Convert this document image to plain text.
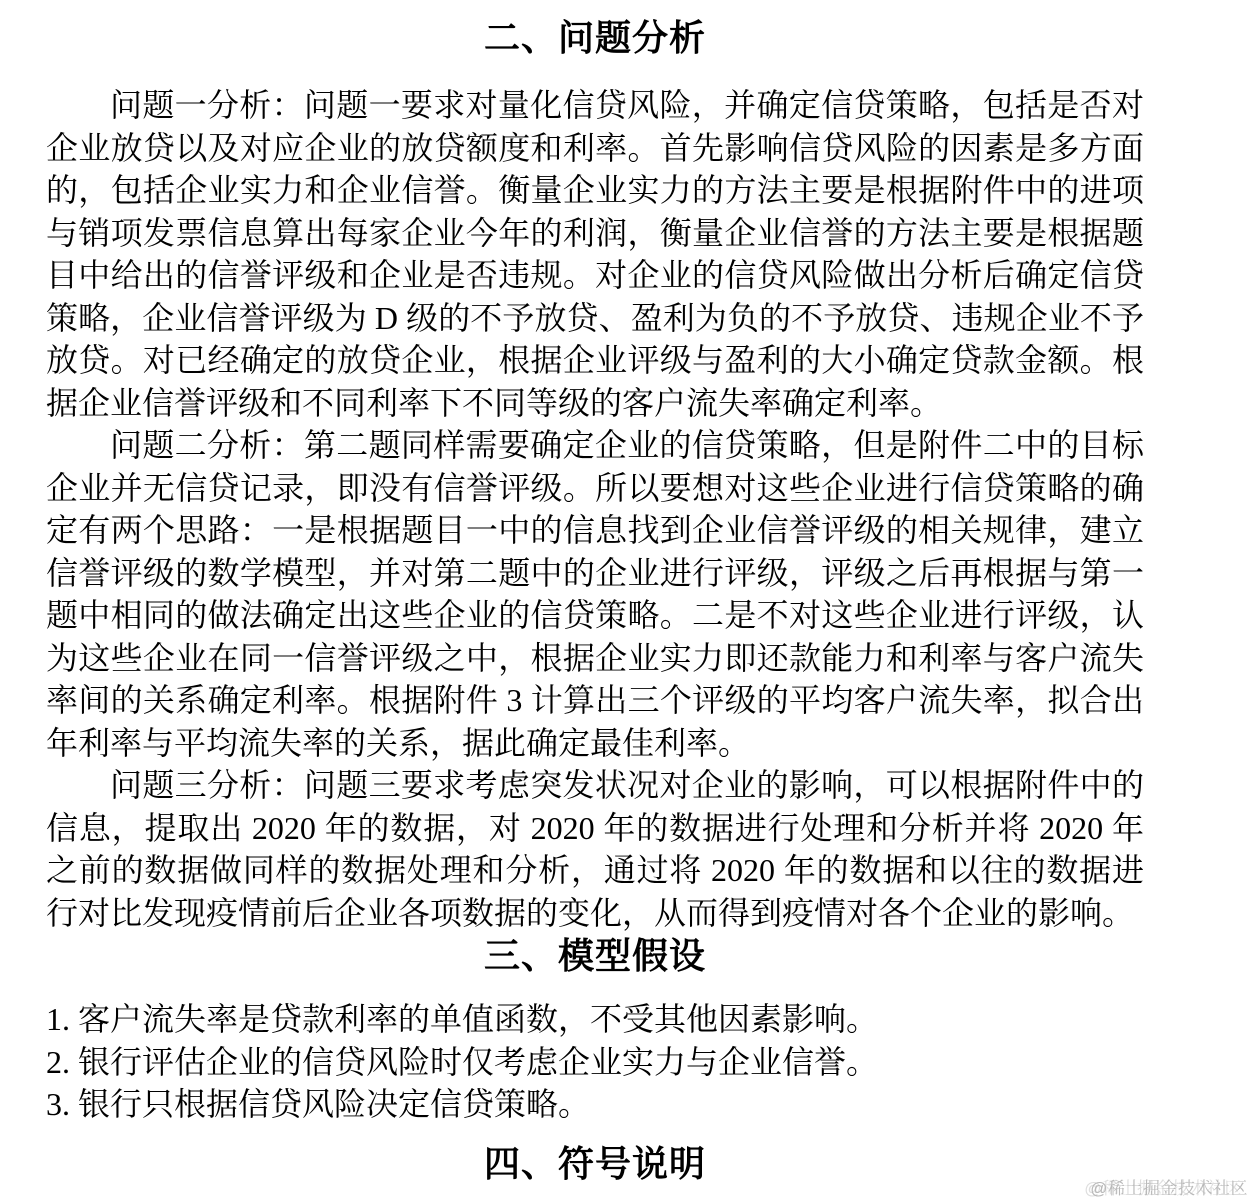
二、问题分析

问题一分析：问题一要求对量化信贷风险，并确定信贷策略，包括是否对企业放贷以及对应企业的放贷额度和利率。首先影响信贷风险的因素是多方面的，包括企业实力和企业信誉。衡量企业实力的方法主要是根据附件中的进项与销项发票信息算出每家企业今年的利润，衡量企业信誉的方法主要是根据题目中给出的信誉评级和企业是否违规。对企业的信贷风险做出分析后确定信贷策略，企业信誉评级为 D 级的不予放贷、盈利为负的不予放贷、违规企业不予放贷。对已经确定的放贷企业，根据企业评级与盈利的大小确定贷款金额。根据企业信誉评级和不同利率下不同等级的客户流失率确定利率。

问题二分析：第二题同样需要确定企业的信贷策略，但是附件二中的目标企业并无信贷记录，即没有信誉评级。所以要想对这些企业进行信贷策略的确定有两个思路：一是根据题目一中的信息找到企业信誉评级的相关规律，建立信誉评级的数学模型，并对第二题中的企业进行评级，评级之后再根据与第一题中相同的做法确定出这些企业的信贷策略。二是不对这些企业进行评级，认为这些企业在同一信誉评级之中，根据企业实力即还款能力和利率与客户流失率间的关系确定利率。根据附件 3 计算出三个评级的平均客户流失率，拟合出年利率与平均流失率的关系，据此确定最佳利率。

问题三分析：问题三要求考虑突发状况对企业的影响，可以根据附件中的信息，提取出 2020 年的数据，对 2020 年的数据进行处理和分析并将 2020 年之前的数据做同样的数据处理和分析，通过将 2020 年的数据和以往的数据进行对比发现疫情前后企业各项数据的变化，从而得到疫情对各个企业的影响。

三、模型假设
1. 客户流失率是贷款利率的单值函数，不受其他因素影响。
2. 银行评估企业的信贷风险时仅考虑企业实力与企业信誉。
3. 银行只根据信贷风险决定信贷策略。
四、符号说明
@稀土掘金技术社区
